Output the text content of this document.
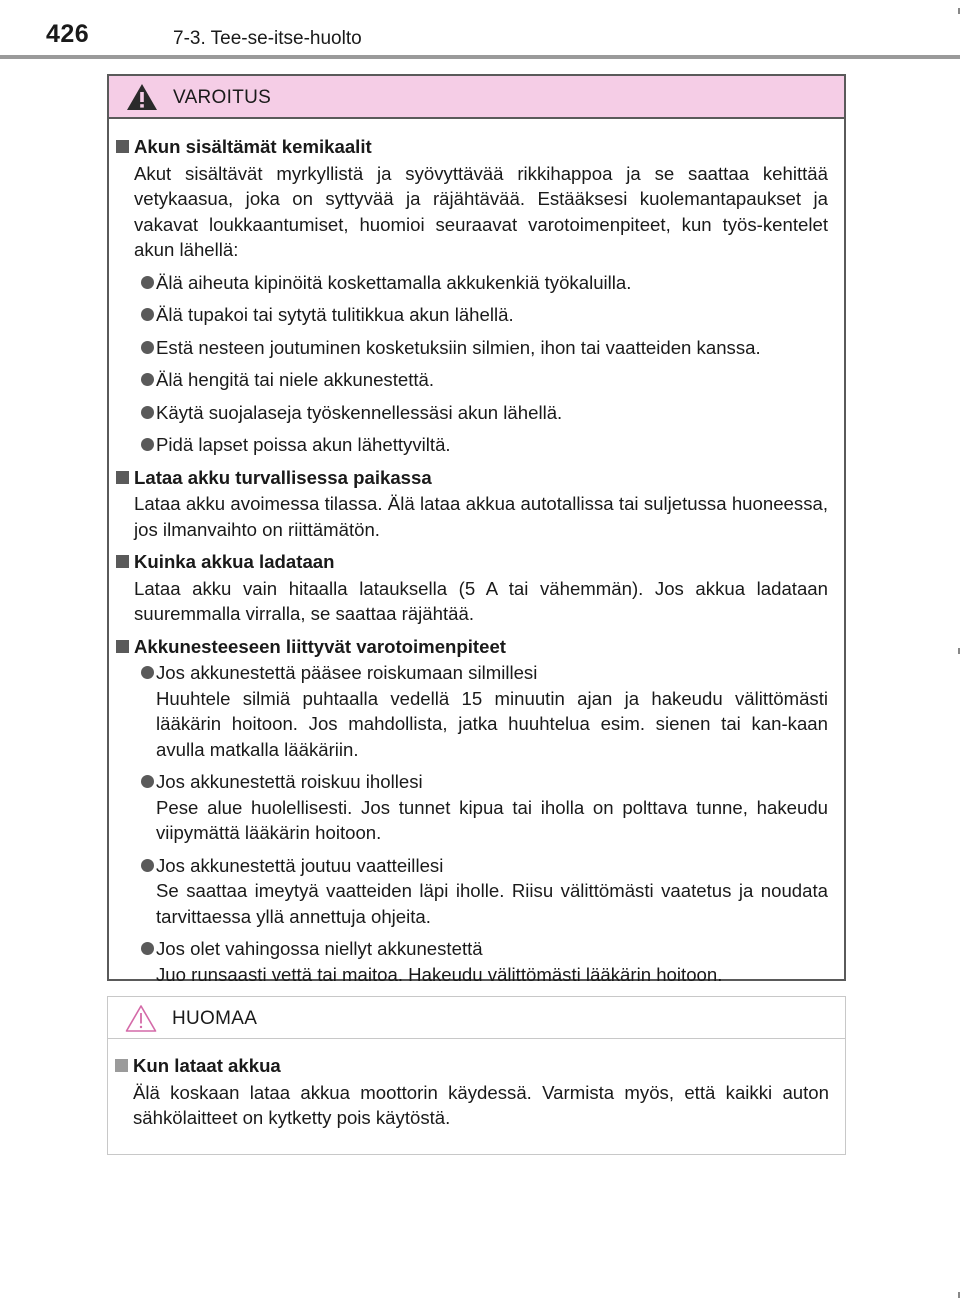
426	7-3. Tee-se-itse-huolto
VAROITUS
Akun sisältämät kemikaalit
Akut sisältävät myrkyllistä ja syövyttävää rikkihappoa ja se saattaa kehittää vetykaasua, joka on syttyvää ja räjähtävää. Estääksesi kuolemantapaukset ja vakavat loukkaantumiset, huomioi seuraavat varotoimenpiteet, kun työs-kentelet akun lähellä:
Älä aiheuta kipinöitä koskettamalla akkukenkiä työkaluilla.
Älä tupakoi tai sytytä tulitikkua akun lähellä.
Estä nesteen joutuminen kosketuksiin silmien, ihon tai vaatteiden kanssa.
Älä hengitä tai niele akkunestettä.
Käytä suojalaseja työskennellessäsi akun lähellä.
Pidä lapset poissa akun lähettyviltä.
Lataa akku turvallisessa paikassa
Lataa akku avoimessa tilassa. Älä lataa akkua autotallissa tai suljetussa huoneessa, jos ilmanvaihto on riittämätön.
Kuinka akkua ladataan
Lataa akku vain hitaalla latauksella (5 A tai vähemmän). Jos akkua ladataan suuremmalla virralla, se saattaa räjähtää.
Akkunesteeseen liittyvät varotoimenpiteet
Jos akkunestettä pääsee roiskumaan silmillesi
Huuhtele silmiä puhtaalla vedellä 15 minuutin ajan ja hakeudu välittömästi lääkärin hoitoon. Jos mahdollista, jatka huuhtelua esim. sienen tai kan-kaan avulla matkalla lääkäriin.
Jos akkunestettä roiskuu ihollesi
Pese alue huolellisesti. Jos tunnet kipua tai iholla on polttava tunne, hakeudu viipymättä lääkärin hoitoon.
Jos akkunestettä joutuu vaatteillesi
Se saattaa imeytyä vaatteiden läpi iholle. Riisu välittömästi vaatetus ja noudata tarvittaessa yllä annettuja ohjeita.
Jos olet vahingossa niellyt akkunestettä
Juo runsaasti vettä tai maitoa. Hakeudu välittömästi lääkärin hoitoon.
HUOMAA
Kun lataat akkua
Älä koskaan lataa akkua moottorin käydessä. Varmista myös, että kaikki auton sähkölaitteet on kytketty pois käytöstä.
